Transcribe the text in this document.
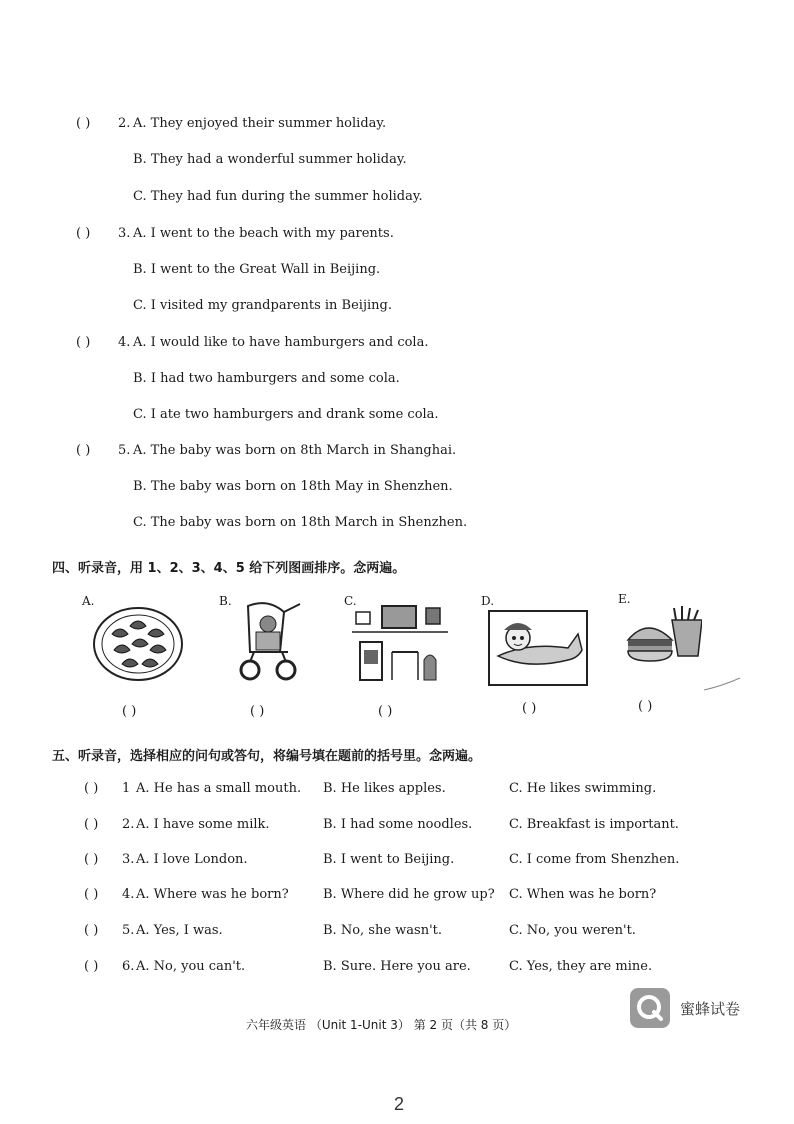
( ) 2. A. They enjoyed their summer holiday.
B. They had a wonderful summer holiday.
C. They had fun during the summer holiday.
( ) 3. A. I went to the beach with my parents.
B. I went to the Great Wall in Beijing.
C. I visited my grandparents in Beijing.
( ) 4. A. I would like to have hamburgers and cola.
B. I had two hamburgers and some cola.
C. I ate two hamburgers and drank some cola.
( ) 5. A. The baby was born on 8th March in Shanghai.
B. The baby was born on 18th May in Shenzhen.
C. The baby was born on 18th March in Shenzhen.
四、听录音，用 1、2、3、4、5 给下列图画排序。念两遍。
A.
( )
B.
( )
C.
( )
D.
( )
E.
( )
五、听录音，选择相应的问句或答句，将编号填在题前的括号里。念两遍。
( ) 1 A. He has a small mouth. B. He likes apples.	C. He likes swimming.
( ) 2. A. I have some milk.	B. I had some noodles.	C. Breakfast is important.
( ) 3. A. I love London.	B. I went to Beijing.	C. I come from Shenzhen.
( ) 4. A. Where was he born?	B. Where did he grow up? C. When was he born?
( ) 5. A. Yes, I was.	B. No, she wasn't.	C. No, you weren't.
( ) 6. A. No, you can't.	B. Sure. Here you are.	C. Yes, they are mine.
蜜蜂试卷
六年级英语 （Unit 1-Unit 3） 第 2 页（共 8 页）
2
